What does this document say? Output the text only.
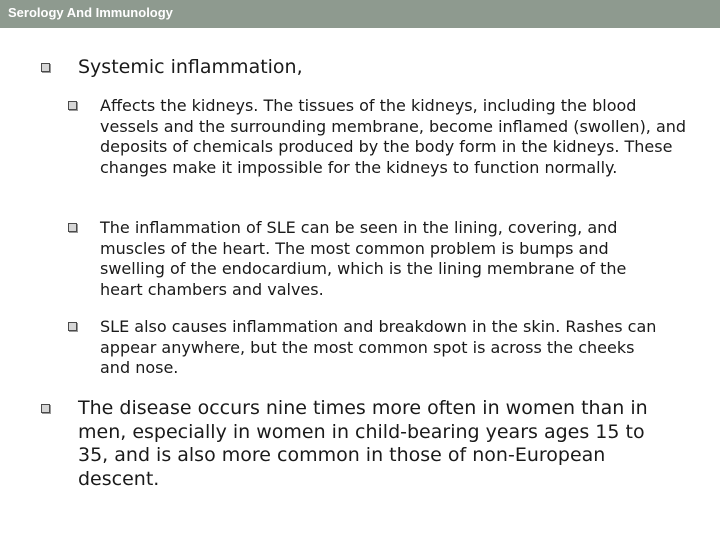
Serology And Immunology
Systemic inflammation,
Affects the kidneys. The tissues of the kidneys, including the blood vessels and the surrounding membrane, become inflamed (swollen), and deposits of chemicals produced by the body form in the kidneys. These changes make it impossible for the kidneys to function normally.
The inflammation of SLE can be seen in the lining, covering, and muscles of the heart. The most common problem is bumps and swelling of the endocardium, which is the lining membrane of the heart chambers and valves.
SLE also causes inflammation and breakdown in the skin. Rashes can appear anywhere, but the most common spot is across the cheeks and nose.
The disease occurs nine times more often in women than in men, especially in women in child-bearing years ages 15 to 35, and is also more common in those of non-European descent.
